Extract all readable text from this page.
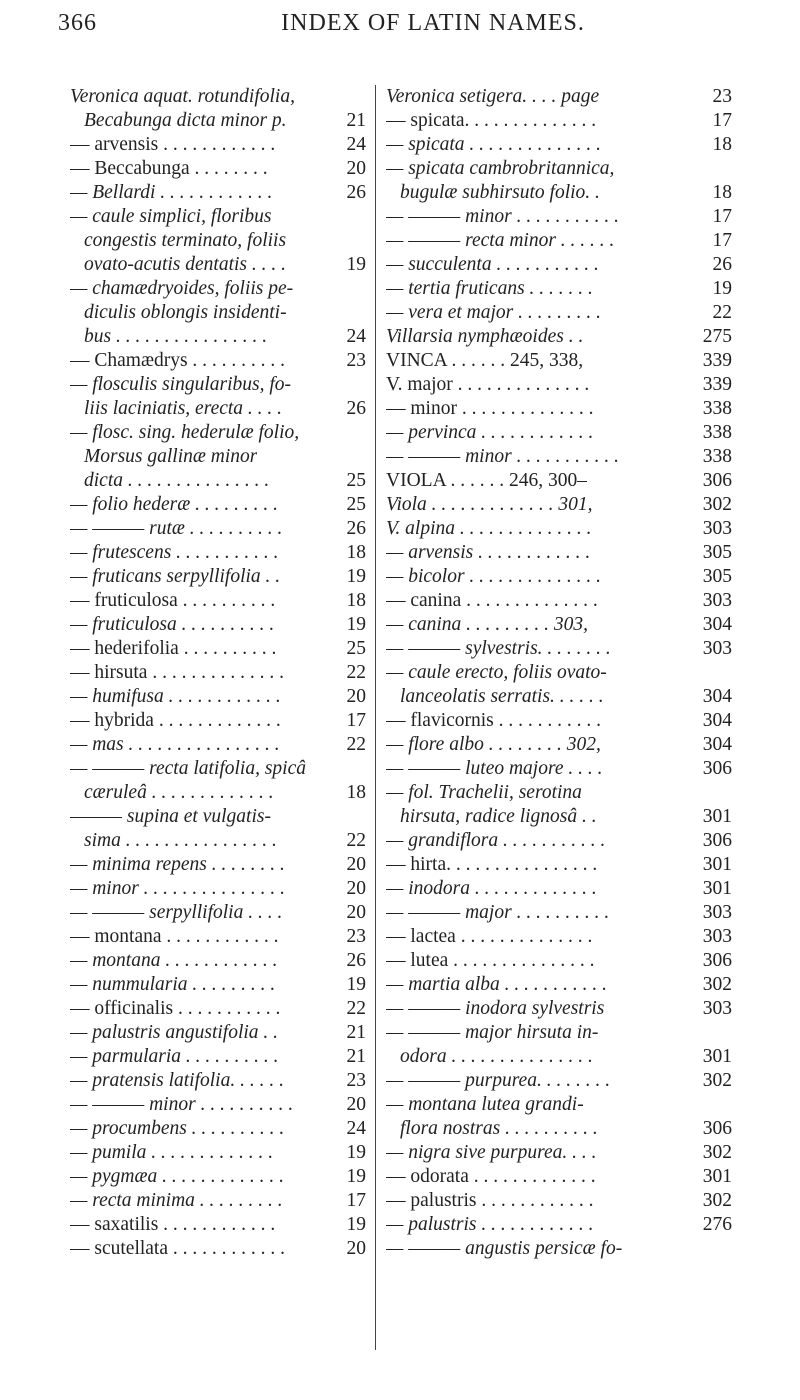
366	INDEX OF LATIN NAMES.
Veronica aquat. rotundifolia,
Becabunga dicta minor p.	21
— arvensis . . . . . . . . . . . .	24
— Beccabunga . . . . . . . .	20
— Bellardi . . . . . . . . . . . .	26
— caule simplici, floribus
congestis terminato, foliis
ovato-acutis dentatis . . . .	19
— chamædryoides, foliis pe-
diculis oblongis insidenti-
bus . . . . . . . . . . . . . . . .	24
— Chamædrys . . . . . . . . . .	23
— flosculis singularibus, fo-
liis laciniatis, erecta . . . .	26
— flosc. sing. hederulæ folio,
Morsus gallinæ minor
dicta . . . . . . . . . . . . . . .	25
— folio hederæ . . . . . . . . .	25
— ——— rutæ . . . . . . . . . .	26
— frutescens . . . . . . . . . . .	18
— fruticans serpyllifolia . .	19
— fruticulosa . . . . . . . . . .	18
— fruticulosa . . . . . . . . . .	19
— hederifolia . . . . . . . . . .	25
— hirsuta . . . . . . . . . . . . . .	22
— humifusa . . . . . . . . . . . .	20
— hybrida . . . . . . . . . . . . .	17
— mas . . . . . . . . . . . . . . . .	22
— ——— recta latifolia, spicâ
cæruleâ . . . . . . . . . . . . .	18
——— supina et vulgatis-
sima . . . . . . . . . . . . . . . .	22
— minima repens . . . . . . . .	20
— minor . . . . . . . . . . . . . . .	20
— ——— serpyllifolia . . . .	20
— montana . . . . . . . . . . . .	23
— montana . . . . . . . . . . . .	26
— nummularia . . . . . . . . .	19
— officinalis . . . . . . . . . . .	22
— palustris angustifolia . .	21
— parmularia . . . . . . . . . .	21
— pratensis latifolia. . . . . .	23
— ——— minor . . . . . . . . . .	20
— procumbens . . . . . . . . . .	24
— pumila . . . . . . . . . . . . .	19
— pygmæa . . . . . . . . . . . . .	19
— recta minima . . . . . . . . .	17
— saxatilis . . . . . . . . . . . .	19
— scutellata . . . . . . . . . . . .	20
Veronica setigera. . . . page	23
— spicata. . . . . . . . . . . . . .	17
— spicata . . . . . . . . . . . . . .	18
— spicata cambrobritannica,
bugulæ subhirsuto folio. .	18
— ——— minor . . . . . . . . . . .	17
— ——— recta minor . . . . . .	17
— succulenta . . . . . . . . . . .	26
— tertia fruticans . . . . . . .	19
— vera et major . . . . . . . . .	22
Villarsia nymphæoides . .	275
VINCA . . . . . . 245, 338,	339
V. major . . . . . . . . . . . . . .	339
— minor . . . . . . . . . . . . . .	338
— pervinca . . . . . . . . . . . .	338
— ——— minor . . . . . . . . . . .	338
VIOLA . . . . . . 246, 300–	306
Viola . . . . . . . . . . . . . 301,	302
V. alpina . . . . . . . . . . . . . .	303
— arvensis . . . . . . . . . . . .	305
— bicolor . . . . . . . . . . . . . .	305
— canina . . . . . . . . . . . . . .	303
— canina . . . . . . . . . 303,	304
— ——— sylvestris. . . . . . . .	303
— caule erecto, foliis ovato-
lanceolatis serratis. . . . . .	304
— flavicornis . . . . . . . . . . .	304
— flore albo . . . . . . . . 302,	304
— ——— luteo majore . . . .	306
— fol. Trachelii, serotina
hirsuta, radice lignosâ . .	301
— grandiflora . . . . . . . . . . .	306
— hirta. . . . . . . . . . . . . . . .	301
— inodora . . . . . . . . . . . . .	301
— ——— major . . . . . . . . . .	303
— lactea . . . . . . . . . . . . . .	303
— lutea . . . . . . . . . . . . . . .	306
— martia alba . . . . . . . . . . .	302
— ——— inodora sylvestris	303
— ——— major hirsuta in-
odora . . . . . . . . . . . . . . .	301
— ——— purpurea. . . . . . . .	302
— montana lutea grandi-
flora nostras . . . . . . . . . .	306
— nigra sive purpurea. . . .	302
— odorata . . . . . . . . . . . . .	301
— palustris . . . . . . . . . . . .	302
— palustris . . . . . . . . . . . .	276
— ——— angustis persicæ fo-
